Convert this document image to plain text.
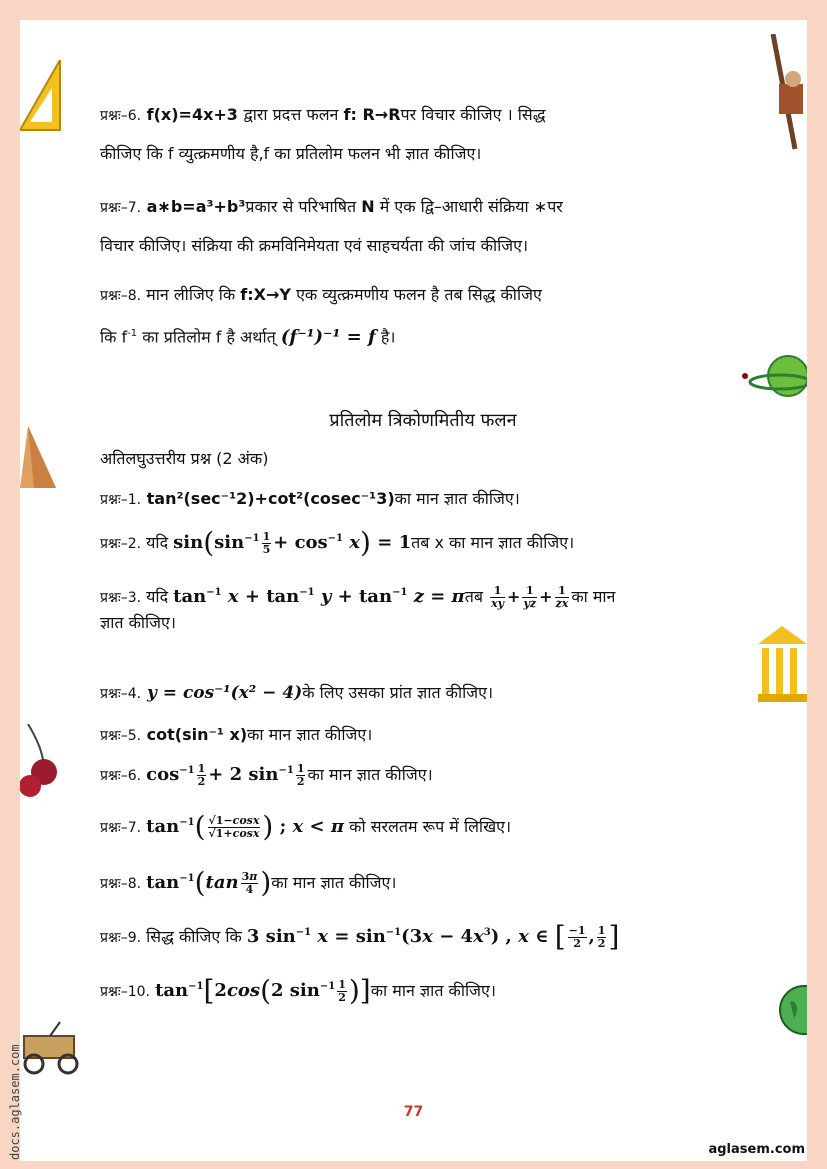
प्रश्नः–6. f(x)=4x+3 द्वारा प्रदत्त फलन f: R→Rपर विचार कीजिए । सिद्ध
कीजिए कि f व्युत्क्रमणीय है,f का प्रतिलोम फलन भी ज्ञात कीजिए।
प्रश्नः–7. a∗b=a³+b³प्रकार से परिभाषित N में एक द्वि–आधारी संक्रिया ∗पर
विचार कीजिए। संक्रिया की क्रमविनिमेयता एवं साहचर्यता की जांच कीजिए।
प्रश्नः–8. मान लीजिए कि f:X→Y एक व्युत्क्रमणीय फलन है तब सिद्ध कीजिए
कि $f^{-1}$ का प्रतिलोम f है अर्थात् (f⁻¹)⁻¹ = f है।
प्रतिलोम त्रिकोणमितीय फलन
अतिलघुउत्तरीय प्रश्न (2 अंक)
प्रश्नः–1. tan²(sec⁻¹2)+cot²(cosec⁻¹3)का मान ज्ञात कीजिए।
प्रश्नः–2. यदि $\sin(\sin^{-1} \frac{1}{5} + \cos^{-1} x)$ = 1तब x का मान ज्ञात कीजिए।
प्रश्नः–3. यदि $\tan^{-1} x + \tan^{-1} y + \tan^{-1} z$ = πतब $\frac{1}{xy} + \frac{1}{yz} + \frac{1}{zx}$ का मान
ज्ञात कीजिए।
प्रश्नः–4. y = cos⁻¹(x² − 4)के लिए उसका प्रांत ज्ञात कीजिए।
प्रश्नः–5. cot(sin⁻¹ x)का मान ज्ञात कीजिए।
प्रश्नः–6. $\cos^{-1} \frac{1}{2} + 2$ $\sin^{-1} \frac{1}{2}$ का मान ज्ञात कीजिए।
प्रश्नः–7. $\tan^{-1}( \frac{√1-\cos x}{√1+\cos x}$ ) ; x < π को सरलतम रूप में लिखिए।
प्रश्नः–8. $\tan^{-1}(\tan \frac{3\pi}{4}$ )का मान ज्ञात कीजिए।
प्रश्नः–9. सिद्ध कीजिए कि 3 $\sin^{-1} x = \sin^{-1}(3x - 4x^3)$ , x ∈ [ $\frac{-1}{2}$ , $\frac{1}{2}$ ]
प्रश्नः–10. $\tan^{-1}[2\cos(2$ $\sin^{-1} \frac{1}{2}$ )]का मान ज्ञात कीजिए।
77
aglasem.com
docs.aglasem.com
